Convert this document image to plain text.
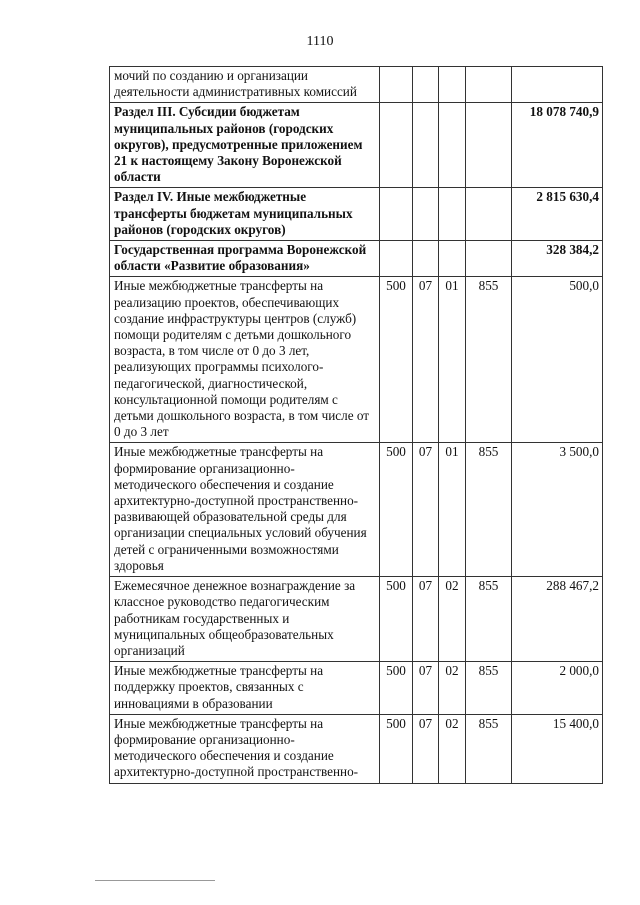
1110
мочий по созданию и организации деятельности административных комиссий					
Раздел III. Субсидии бюджетам муниципальных районов (городских округов), предусмотренные приложением 21 к настоящему Закону Воронежской области					18 078 740,9
Раздел IV. Иные межбюджетные трансферты бюджетам муниципальных районов (городских округов)					2 815 630,4
Государственная программа Воронежской области «Развитие образования»					328 384,2
Иные межбюджетные трансферты на реализацию проектов, обеспечивающих создание инфраструктуры центров (служб) помощи родителям с детьми дошкольного возраста, в том числе от 0 до 3 лет, реализующих программы психолого-педагогической, диагностической, консультационной помощи родителям с детьми дошкольного возраста, в том числе от 0 до 3 лет	500	07	01	855	500,0
Иные межбюджетные трансферты на формирование организационно-методического обеспечения и создание архитектурно-доступной пространственно-развивающей образовательной среды для организации специальных условий обучения детей с ограниченными возможностями здоровья	500	07	01	855	3 500,0
Ежемесячное денежное вознаграждение за классное руководство педагогическим работникам государственных и муниципальных общеобразовательных организаций	500	07	02	855	288 467,2
Иные межбюджетные трансферты на поддержку проектов, связанных с инновациями в образовании	500	07	02	855	2 000,0
Иные межбюджетные трансферты на формирование организационно-методического обеспечения и создание архитектурно-доступной пространственно-	500	07	02	855	15 400,0
